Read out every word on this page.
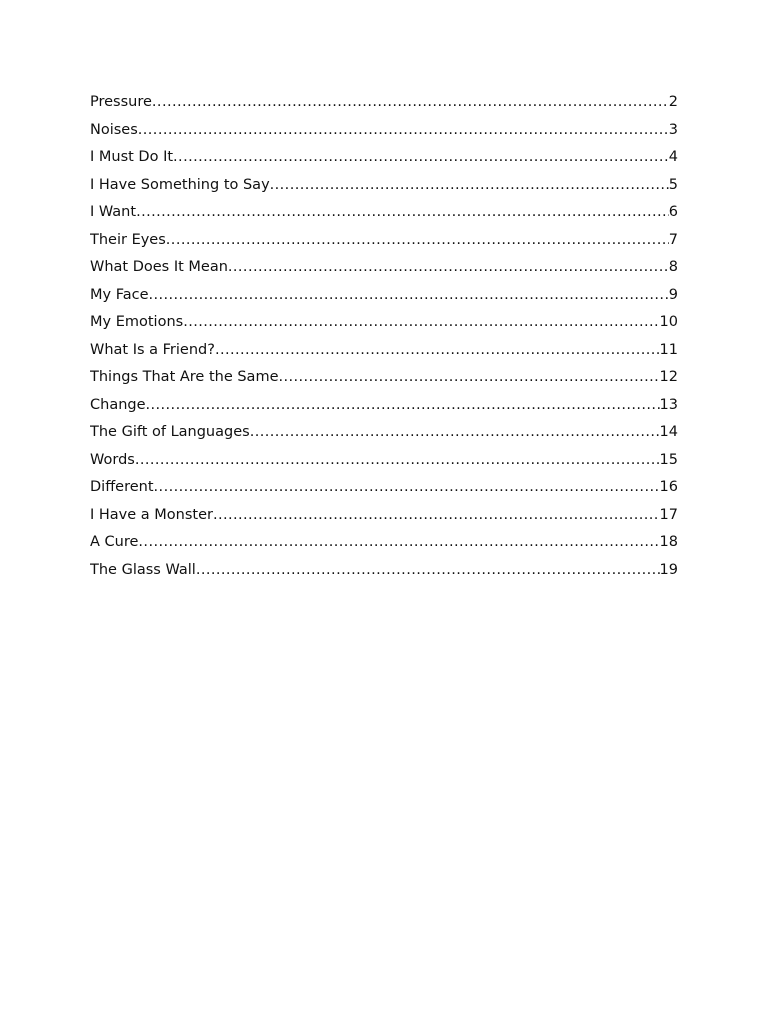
Pressure .....	2
Noises .....	3
I Must Do It .....	4
I Have Something to Say .....	5
I Want .....	6
Their Eyes .....	7
What Does It Mean .....	8
My Face .....	9
My Emotions .....	10
What Is a Friend? .....	11
Things That Are the Same .....	12
Change .....	13
The Gift of Languages .....	14
Words .....	15
Different .....	16
I Have a Monster .....	17
A Cure .....	18
The Glass Wall .....	19
